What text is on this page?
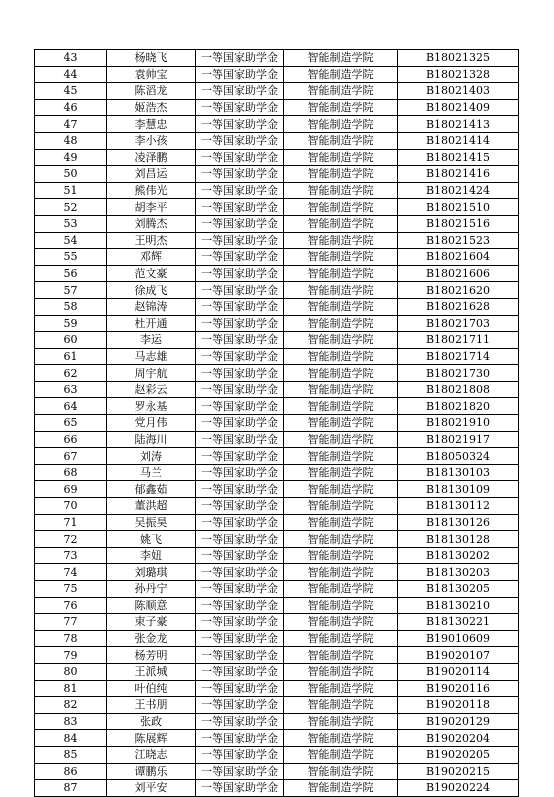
43	杨晓飞	一等国家助学金	智能制造学院	B18021325
44	袁帅宝	一等国家助学金	智能制造学院	B18021328
45	陈滔龙	一等国家助学金	智能制造学院	B18021403
46	姬浩杰	一等国家助学金	智能制造学院	B18021409
47	李慧忠	一等国家助学金	智能制造学院	B18021413
48	李小孩	一等国家助学金	智能制造学院	B18021414
49	凌泽鹏	一等国家助学金	智能制造学院	B18021415
50	刘昌运	一等国家助学金	智能制造学院	B18021416
51	熊伟光	一等国家助学金	智能制造学院	B18021424
52	胡李平	一等国家助学金	智能制造学院	B18021510
53	刘腾杰	一等国家助学金	智能制造学院	B18021516
54	王明杰	一等国家助学金	智能制造学院	B18021523
55	邓辉	一等国家助学金	智能制造学院	B18021604
56	范文豪	一等国家助学金	智能制造学院	B18021606
57	徐成飞	一等国家助学金	智能制造学院	B18021620
58	赵锦涛	一等国家助学金	智能制造学院	B18021628
59	杜开通	一等国家助学金	智能制造学院	B18021703
60	李运	一等国家助学金	智能制造学院	B18021711
61	马志雄	一等国家助学金	智能制造学院	B18021714
62	周宇航	一等国家助学金	智能制造学院	B18021730
63	赵彩云	一等国家助学金	智能制造学院	B18021808
64	罗永基	一等国家助学金	智能制造学院	B18021820
65	党月伟	一等国家助学金	智能制造学院	B18021910
66	陆海川	一等国家助学金	智能制造学院	B18021917
67	刘涛	一等国家助学金	智能制造学院	B18050324
68	马兰	一等国家助学金	智能制造学院	B18130103
69	郁鑫茹	一等国家助学金	智能制造学院	B18130109
70	董洪超	一等国家助学金	智能制造学院	B18130112
71	吴振昊	一等国家助学金	智能制造学院	B18130126
72	姚飞	一等国家助学金	智能制造学院	B18130128
73	李妞	一等国家助学金	智能制造学院	B18130202
74	刘璐琪	一等国家助学金	智能制造学院	B18130203
75	孙丹宁	一等国家助学金	智能制造学院	B18130205
76	陈顺意	一等国家助学金	智能制造学院	B18130210
77	束子豪	一等国家助学金	智能制造学院	B18130221
78	张金龙	一等国家助学金	智能制造学院	B19010609
79	杨芳明	一等国家助学金	智能制造学院	B19020107
80	王派城	一等国家助学金	智能制造学院	B19020114
81	叶伯纯	一等国家助学金	智能制造学院	B19020116
82	王书朋	一等国家助学金	智能制造学院	B19020118
83	张政	一等国家助学金	智能制造学院	B19020129
84	陈展辉	一等国家助学金	智能制造学院	B19020204
85	江晓志	一等国家助学金	智能制造学院	B19020205
86	谭鹏乐	一等国家助学金	智能制造学院	B19020215
87	刘平安	一等国家助学金	智能制造学院	B19020224
